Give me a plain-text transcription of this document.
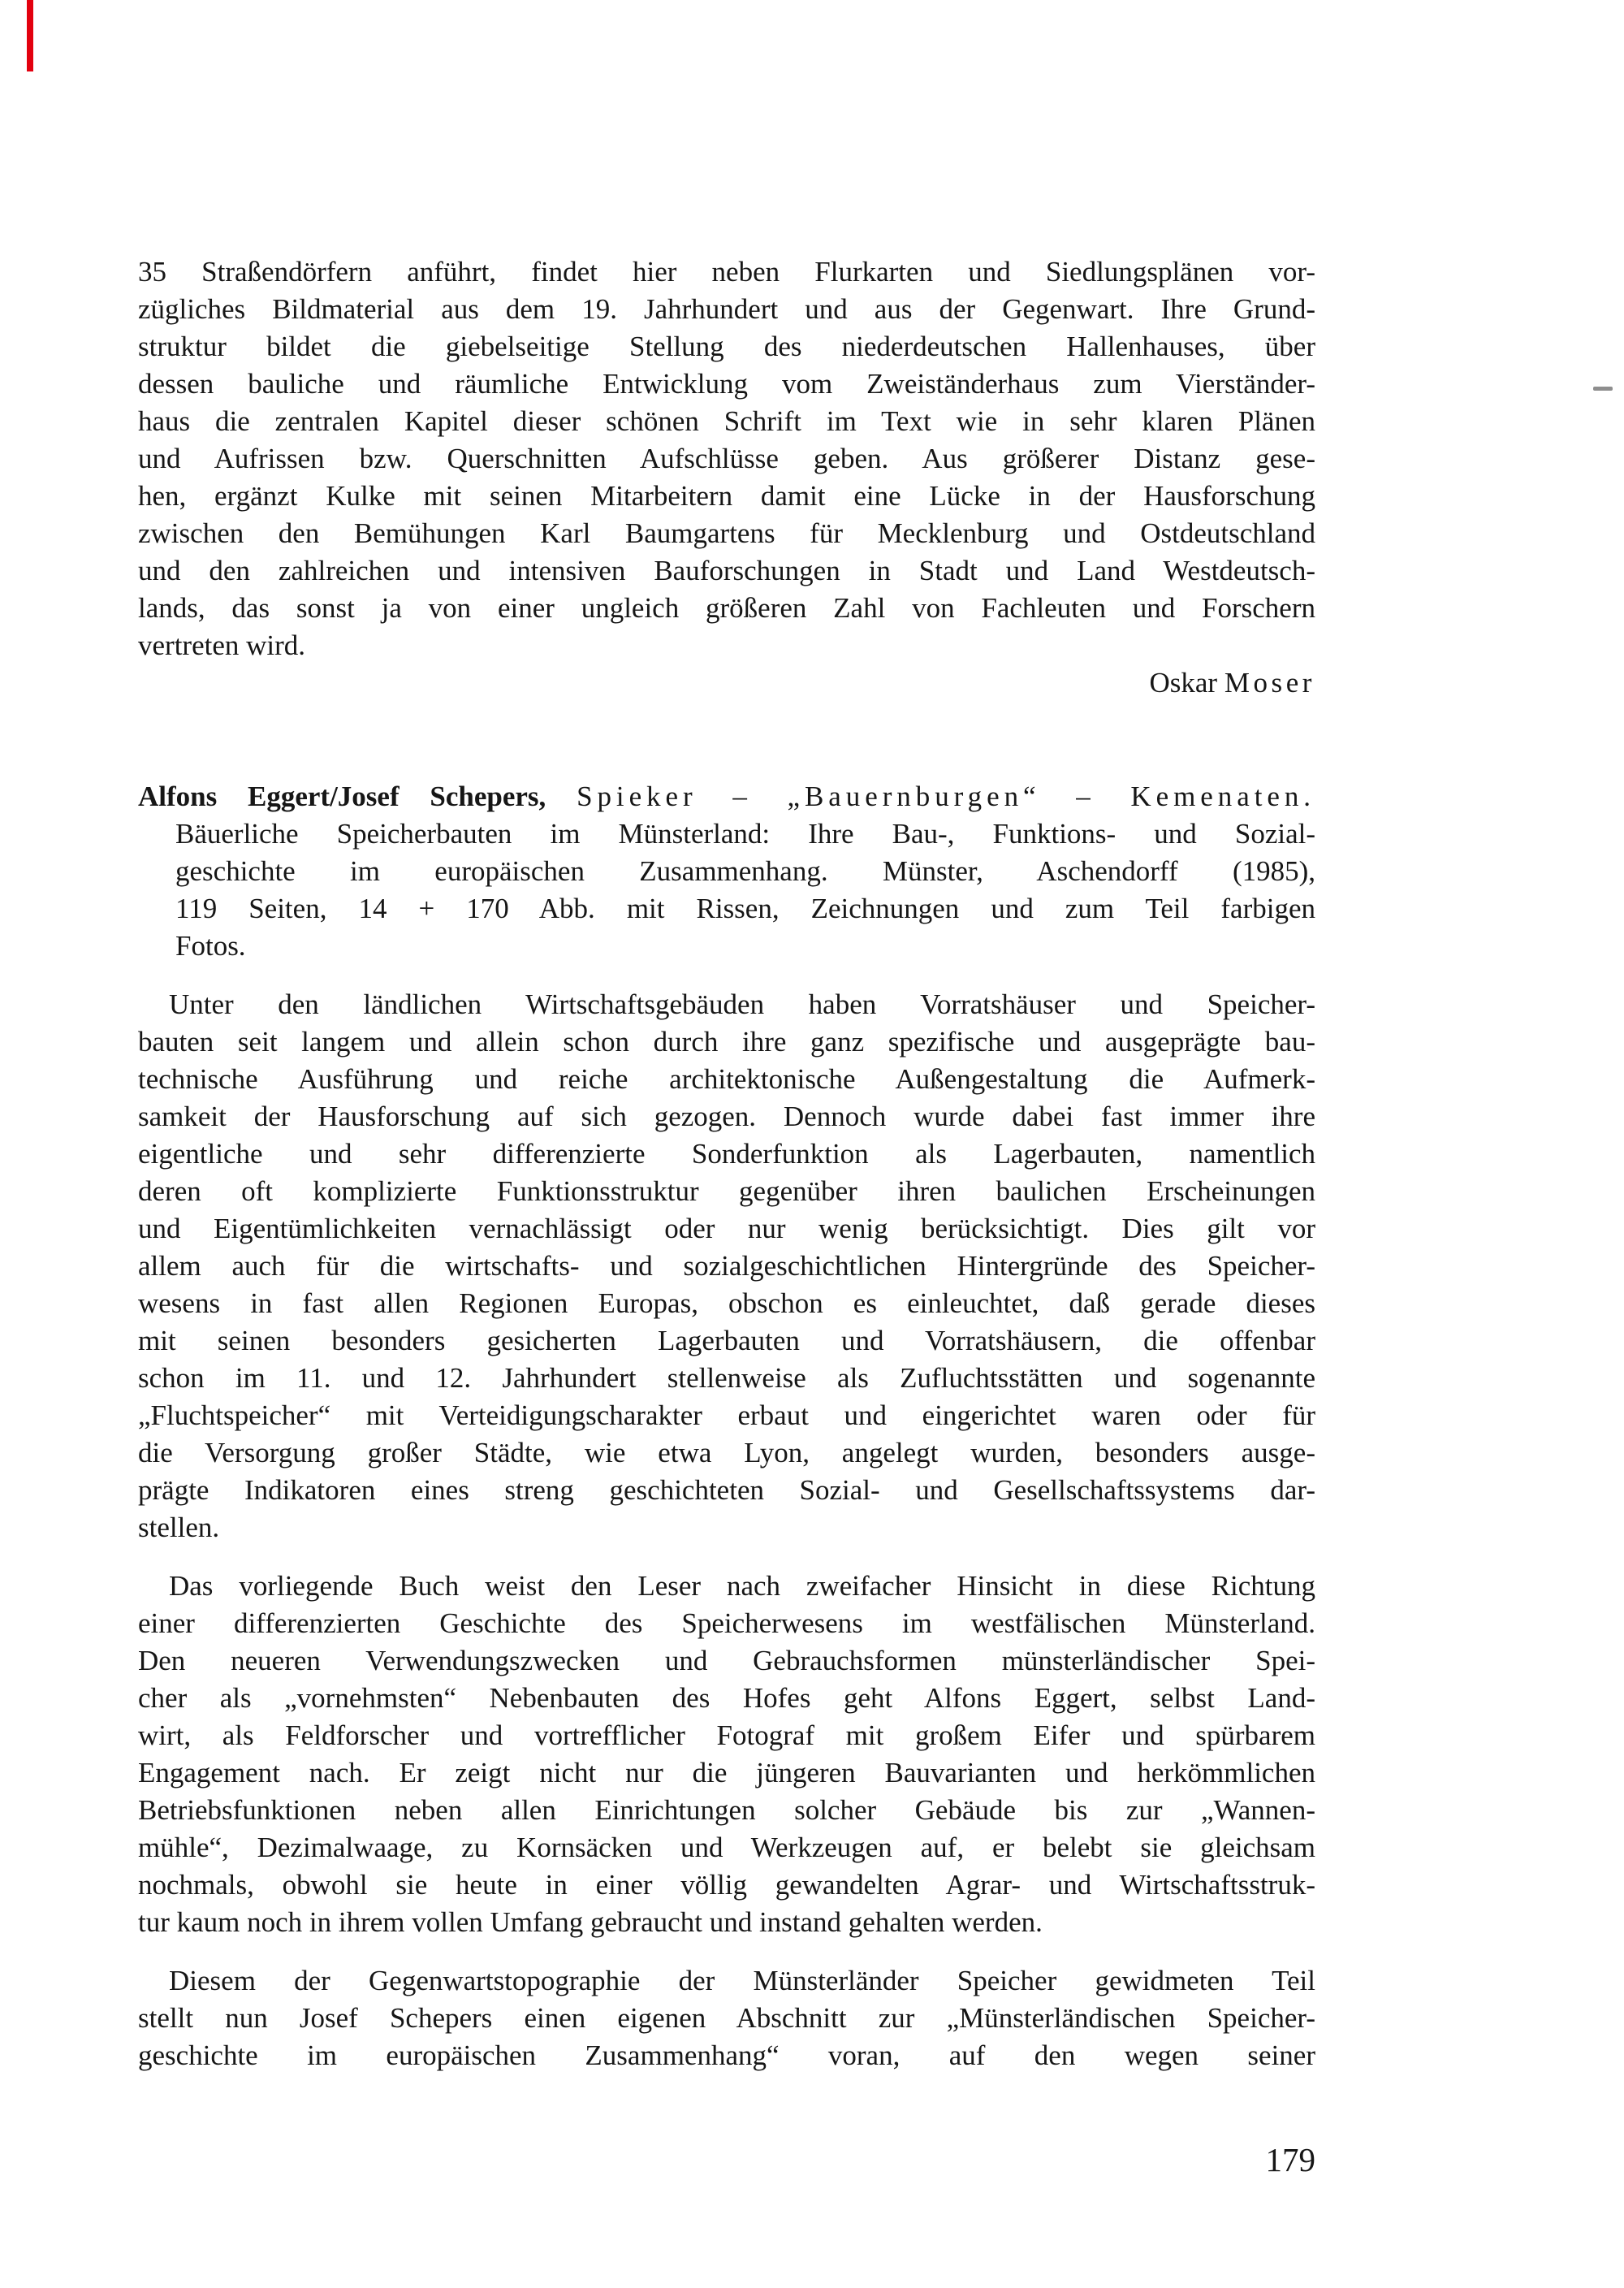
35 Straßendörfern anführt, findet hier neben Flurkarten und Siedlungsplänen vor-
zügliches Bildmaterial aus dem 19. Jahrhundert und aus der Gegenwart. Ihre Grund-
struktur bildet die giebelseitige Stellung des niederdeutschen Hallenhauses, über
dessen bauliche und räumliche Entwicklung vom Zweiständerhaus zum Vierständer-
haus die zentralen Kapitel dieser schönen Schrift im Text wie in sehr klaren Plänen
und Aufrissen bzw. Querschnitten Aufschlüsse geben. Aus größerer Distanz gese-
hen, ergänzt Kulke mit seinen Mitarbeitern damit eine Lücke in der Hausforschung
zwischen den Bemühungen Karl Baumgartens für Mecklenburg und Ostdeutschland
und den zahlreichen und intensiven Bauforschungen in Stadt und Land Westdeutsch-
lands, das sonst ja von einer ungleich größeren Zahl von Fachleuten und Forschern
vertreten wird.
Oskar Moser
Alfons Eggert/Josef Schepers, Spieker – „Bauernburgen“ – Kemenaten.
Bäuerliche Speicherbauten im Münsterland: Ihre Bau-, Funktions- und Sozial-
geschichte im europäischen Zusammenhang. Münster, Aschendorff (1985),
119 Seiten, 14 + 170 Abb. mit Rissen, Zeichnungen und zum Teil farbigen
Fotos.
Unter den ländlichen Wirtschaftsgebäuden haben Vorratshäuser und Speicher-
bauten seit langem und allein schon durch ihre ganz spezifische und ausgeprägte bau-
technische Ausführung und reiche architektonische Außengestaltung die Aufmerk-
samkeit der Hausforschung auf sich gezogen. Dennoch wurde dabei fast immer ihre
eigentliche und sehr differenzierte Sonderfunktion als Lagerbauten, namentlich
deren oft komplizierte Funktionsstruktur gegenüber ihren baulichen Erscheinungen
und Eigentümlichkeiten vernachlässigt oder nur wenig berücksichtigt. Dies gilt vor
allem auch für die wirtschafts- und sozialgeschichtlichen Hintergründe des Speicher-
wesens in fast allen Regionen Europas, obschon es einleuchtet, daß gerade dieses
mit seinen besonders gesicherten Lagerbauten und Vorratshäusern, die offenbar
schon im 11. und 12. Jahrhundert stellenweise als Zufluchtsstätten und sogenannte
„Fluchtspeicher“ mit Verteidigungscharakter erbaut und eingerichtet waren oder für
die Versorgung großer Städte, wie etwa Lyon, angelegt wurden, besonders ausge-
prägte Indikatoren eines streng geschichteten Sozial- und Gesellschaftssystems dar-
stellen.
Das vorliegende Buch weist den Leser nach zweifacher Hinsicht in diese Richtung
einer differenzierten Geschichte des Speicherwesens im westfälischen Münsterland.
Den neueren Verwendungszwecken und Gebrauchsformen münsterländischer Spei-
cher als „vornehmsten“ Nebenbauten des Hofes geht Alfons Eggert, selbst Land-
wirt, als Feldforscher und vortrefflicher Fotograf mit großem Eifer und spürbarem
Engagement nach. Er zeigt nicht nur die jüngeren Bauvarianten und herkömmlichen
Betriebsfunktionen neben allen Einrichtungen solcher Gebäude bis zur „Wannen-
mühle“, Dezimalwaage, zu Kornsäcken und Werkzeugen auf, er belebt sie gleichsam
nochmals, obwohl sie heute in einer völlig gewandelten Agrar- und Wirtschaftsstruk-
tur kaum noch in ihrem vollen Umfang gebraucht und instand gehalten werden.
Diesem der Gegenwartstopographie der Münsterländer Speicher gewidmeten Teil
stellt nun Josef Schepers einen eigenen Abschnitt zur „Münsterländischen Speicher-
geschichte im europäischen Zusammenhang“ voran, auf den wegen seiner
179
